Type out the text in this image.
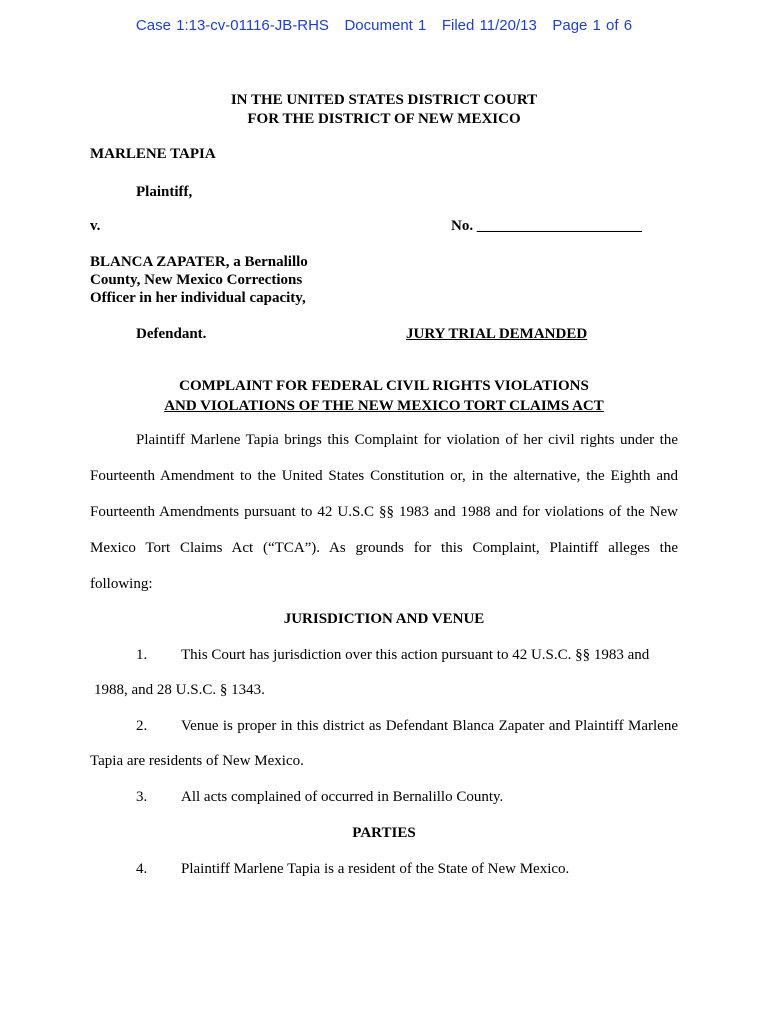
Case 1:13-cv-01116-JB-RHS Document 1 Filed 11/20/13 Page 1 of 6
IN THE UNITED STATES DISTRICT COURT
FOR THE DISTRICT OF NEW MEXICO
MARLENE TAPIA
Plaintiff,
v.	No. ______________________
BLANCA ZAPATER, a Bernalillo
County, New Mexico Corrections
Officer in her individual capacity,
Defendant.	JURY TRIAL DEMANDED
COMPLAINT FOR FEDERAL CIVIL RIGHTS VIOLATIONS
AND VIOLATIONS OF THE NEW MEXICO TORT CLAIMS ACT
Plaintiff Marlene Tapia brings this Complaint for violation of her civil rights under the
Fourteenth Amendment to the United States Constitution or, in the alternative, the Eighth and
Fourteenth Amendments pursuant to 42 U.S.C §§ 1983 and 1988 and for violations of the New
Mexico Tort Claims Act (“TCA”). As grounds for this Complaint, Plaintiff alleges the
following:
JURISDICTION AND VENUE
1. This Court has jurisdiction over this action pursuant to 42 U.S.C. §§ 1983 and
1988, and 28 U.S.C. § 1343.
2. Venue is proper in this district as Defendant Blanca Zapater and Plaintiff Marlene
Tapia are residents of New Mexico.
3. All acts complained of occurred in Bernalillo County.
PARTIES
4. Plaintiff Marlene Tapia is a resident of the State of New Mexico.
